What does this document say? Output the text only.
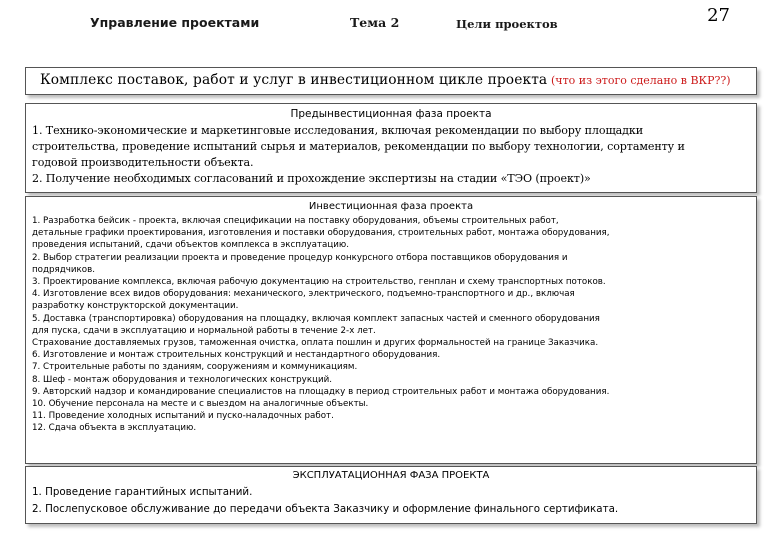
Управление проектами	Тема 2	Цели проектов	27
Комплекс поставок, работ и услуг в инвестиционном цикле проекта (что из этого сделано в ВКР??)
Предынвестиционная фаза проекта
1. Технико-экономические и маркетинговые исследования, включая рекомендации по выбору площадки
строительства, проведение испытаний сырья и материалов, рекомендации по выбору технологии, сортаменту и
годовой производительности объекта.
2. Получение необходимых согласований и прохождение экспертизы на стадии «ТЭО (проект)»
Инвестиционная фаза проекта
1. Разработка бейсик - проекта, включая спецификации на поставку оборудования, объемы строительных работ,
детальные графики проектирования, изготовления и поставки оборудования, строительных работ, монтажа оборудования,
проведения испытаний, сдачи объектов комплекса в эксплуатацию.
2. Выбор стратегии реализации проекта и проведение процедур конкурсного отбора поставщиков оборудования и
подрядчиков.
3. Проектирование комплекса, включая рабочую документацию на строительство, генплан и схему транспортных потоков.
4. Изготовление всех видов оборудования: механического, электрического, подъемно-транспортного и др., включая
разработку конструкторской документации.
5. Доставка (транспортировка) оборудования на площадку, включая комплект запасных частей и сменного оборудования
для пуска, сдачи в эксплуатацию и нормальной работы в течение 2-х лет.
Страхование доставляемых грузов, таможенная очистка, оплата пошлин и других формальностей на границе Заказчика.
6. Изготовление и монтаж строительных конструкций и нестандартного оборудования.
7. Строительные работы по зданиям, сооружениям и коммуникациям.
8. Шеф - монтаж оборудования и технологических конструкций.
9. Авторский надзор и командирование специалистов на площадку в период строительных работ и монтажа оборудования.
10. Обучение персонала на месте и с выездом на аналогичные объекты.
11. Проведение холодных испытаний и пуско-наладочных работ.
12. Сдача объекта в эксплуатацию.
ЭКСПЛУАТАЦИОННАЯ ФАЗА ПРОЕКТА
1. Проведение гарантийных испытаний.
2. Послепусковое обслуживание до передачи объекта Заказчику и оформление финального сертификата.
